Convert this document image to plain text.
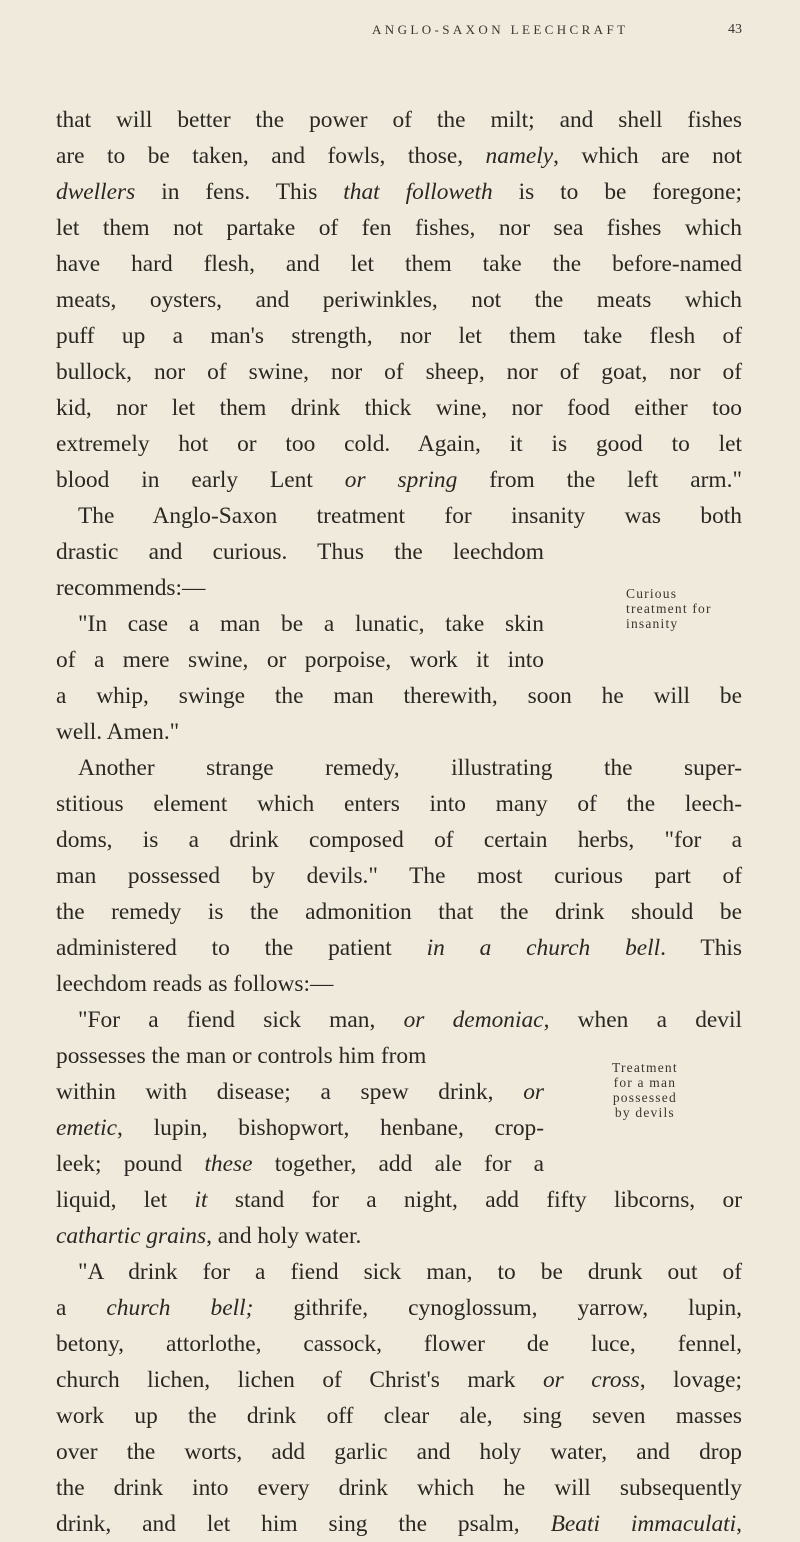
ANGLO-SAXON LEECHCRAFT	43
that will better the power of the milt; and shell fishes
are to be taken, and fowls, those, namely, which are not
dwellers in fens. This that followeth is to be foregone;
let them not partake of fen fishes, nor sea fishes which
have hard flesh, and let them take the before-named
meats, oysters, and periwinkles, not the meats which
puff up a man's strength, nor let them take flesh of
bullock, nor of swine, nor of sheep, nor of goat, nor of
kid, nor let them drink thick wine, nor food either too
extremely hot or too cold. Again, it is good to let
blood in early Lent or spring from the left arm."
The Anglo-Saxon treatment for insanity was both
drastic and curious. Thus the leechdom
recommends:—
"In case a man be a lunatic, take skin
of a mere swine, or porpoise, work it into
a whip, swinge the man therewith, soon he will be
well. Amen."
Another strange remedy, illustrating the super-
stitious element which enters into many of the leech-
doms, is a drink composed of certain herbs, "for a
man possessed by devils." The most curious part of
the remedy is the admonition that the drink should be
administered to the patient in a church bell. This
leechdom reads as follows:—
"For a fiend sick man, or demoniac, when a devil
possesses the man or controls him from
within with disease; a spew drink, or
emetic, lupin, bishopwort, henbane, crop-
leek; pound these together, add ale for a
liquid, let it stand for a night, add fifty libcorns, or
cathartic grains, and holy water.
"A drink for a fiend sick man, to be drunk out of
a church bell; githrife, cynoglossum, yarrow, lupin,
betony, attorlothe, cassock, flower de luce, fennel,
church lichen, lichen of Christ's mark or cross, lovage;
work up the drink off clear ale, sing seven masses
over the worts, add garlic and holy water, and drop
the drink into every drink which he will subsequently
drink, and let him sing the psalm, Beati immaculati,
Curious
treatment for
insanity
Treatment
for a man
possessed
by devils
